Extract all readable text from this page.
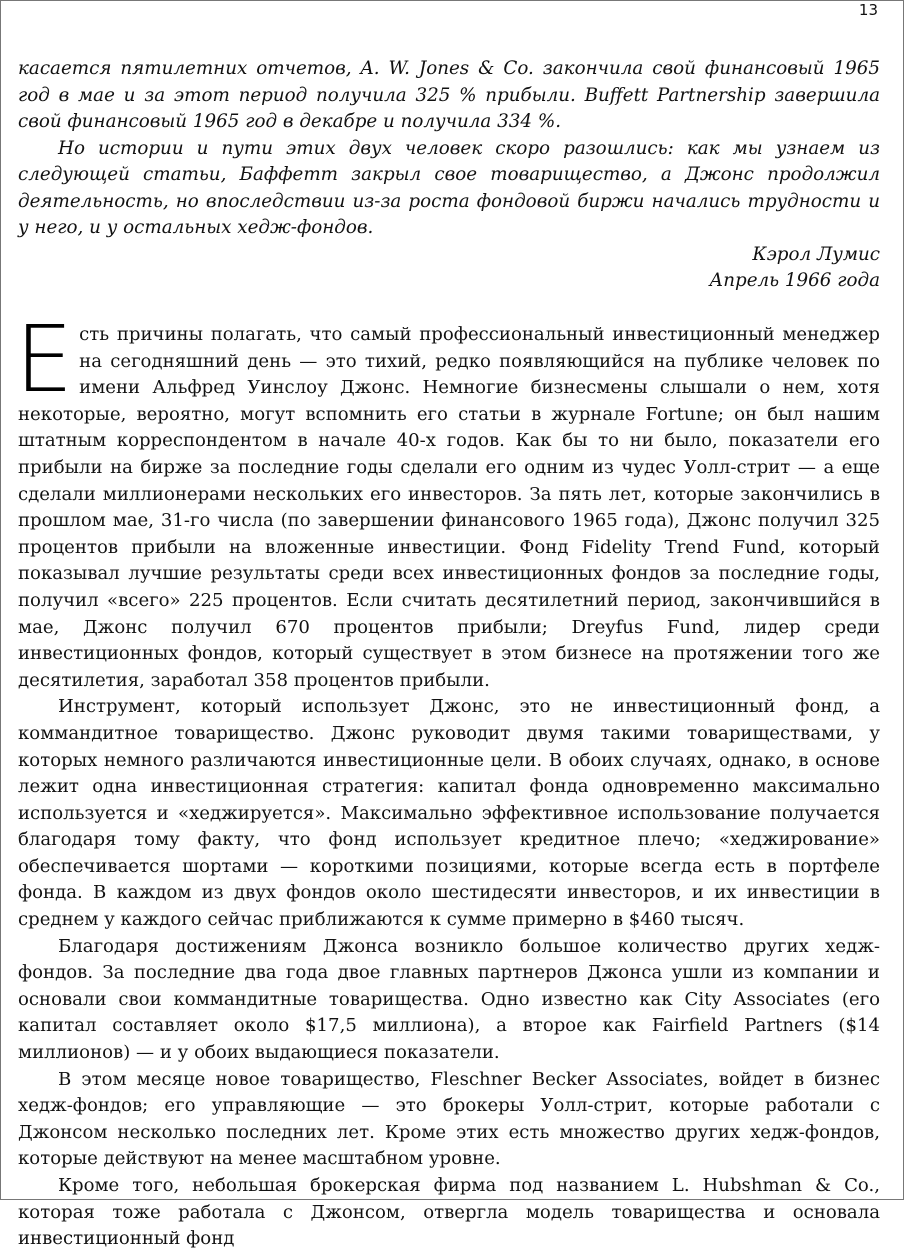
13

касается пятилетних отчетов, A. W. Jones & Co. закончила свой финансовый 1965 год в мае и за этот период получила 325 % прибыли. Buffett Partnership завершила свой финансовый 1965 год в декабре и получила 334 %.

Но истории и пути этих двух человек скоро разошлись: как мы узнаем из следующей статьи, Баффетт закрыл свое товарищество, а Джонс продолжил деятельность, но впоследствии из-за роста фондовой биржи начались трудности и у него, и у остальных хедж-фондов.

Кэрол Лумис
Апрель 1966 года

Есть причины полагать, что самый профессиональный инвестиционный менеджер на сегодняшний день — это тихий, редко появляющийся на публике человек по имени Альфред Уинслоу Джонс. Немногие бизнесмены слышали о нем, хотя некоторые, вероятно, могут вспомнить его статьи в журнале Fortune; он был нашим штатным корреспондентом в начале 40-х годов. Как бы то ни было, показатели его прибыли на бирже за последние годы сделали его одним из чудес Уолл-стрит — а еще сделали миллионерами нескольких его инвесторов. За пять лет, которые закончились в прошлом мае, 31-го числа (по завершении финансового 1965 года), Джонс получил 325 процентов прибыли на вложенные инвестиции. Фонд Fidelity Trend Fund, который показывал лучшие результаты среди всех инвестиционных фондов за последние годы, получил «всего» 225 процентов. Если считать десятилетний период, закончившийся в мае, Джонс получил 670 процентов прибыли; Dreyfus Fund, лидер среди инвестиционных фондов, который существует в этом бизнесе на протяжении того же десятилетия, заработал 358 процентов прибыли.

Инструмент, который использует Джонс, это не инвестиционный фонд, а коммандитное товарищество. Джонс руководит двумя такими товариществами, у которых немного различаются инвестиционные цели. В обоих случаях, однако, в основе лежит одна инвестиционная стратегия: капитал фонда одновременно максимально используется и «хеджируется». Максимально эффективное использование получается благодаря тому факту, что фонд использует кредитное плечо; «хеджирование» обеспечивается шортами — короткими позициями, которые всегда есть в портфеле фонда. В каждом из двух фондов около шестидесяти инвесторов, и их инвестиции в среднем у каждого сейчас приближаются к сумме примерно в $460 тысяч.

Благодаря достижениям Джонса возникло большое количество других хедж-фондов. За последние два года двое главных партнеров Джонса ушли из компании и основали свои коммандитные товарищества. Одно известно как City Associates (его капитал составляет около $17,5 миллиона), а второе как Fairfield Partners ($14 миллионов) — и у обоих выдающиеся показатели.

В этом месяце новое товарищество, Fleschner Becker Associates, войдет в бизнес хедж-фондов; его управляющие — это брокеры Уолл-стрит, которые работали с Джонсом несколько последних лет. Кроме этих есть множество других хедж-фондов, которые действуют на менее масштабном уровне.

Кроме того, небольшая брокерская фирма под названием L. Hubshman & Co., которая тоже работала с Джонсом, отвергла модель товарищества и основала инвестиционный фонд
